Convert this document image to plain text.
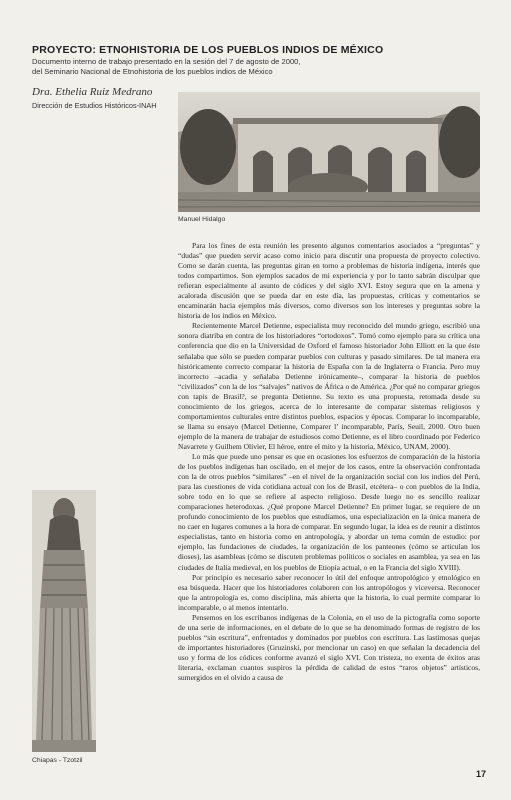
PROYECTO: ETNOHISTORIA DE LOS PUEBLOS INDIOS DE MÉXICO
Documento interno de trabajo presentado en la sesión del 7 de agosto de 2000,
del Seminario Nacional de Etnohistoria de los pueblos indios de México
Dra. Ethelia Ruiz Medrano
Dirección de Estudios Históricos-INAH
Manuel Hidalgo
Chiapas - Tzotzil

Para los fines de esta reunión les presento algunos comentarios asociados a “preguntas” y “dudas” que pueden servir acaso como inicio para discutir una propuesta de proyecto colectivo. Como se darán cuenta, las preguntas giran en torno a problemas de historia indígena, interés que todos compartimos. Son ejemplos sacados de mi experiencia y por lo tanto sabrán disculpar que refieran especialmente al asunto de códices y del siglo XVI. Estoy segura que en la amena y acalorada discusión que se pueda dar en este día, las propuestas, críticas y comentarios se encaminarán hacia ejemplos más diversos, como diversos son los intereses y preguntas sobre la historia de los indios en México.

Recientemente Marcel Detienne, especialista muy reconocido del mundo griego, escribió una sonora diatriba en contra de los historiadores “ortodoxos”. Tomó como ejemplo para su crítica una conferencia que dio en la Universidad de Oxford el famoso historiador John Elliott en la que éste señalaba que sólo se pueden comparar pueblos con culturas y pasado similares. De tal manera era históricamente correcto comparar la historia de España con la de Inglaterra o Francia. Pero muy incorrecto –acadia y señalaba Detienne irónicamente–, comparar la historia de pueblos “civilizados” con la de los “salvajes” nativos de África o de América. ¿Por qué no comparar griegos con tapis de Brasil?, se pregunta Detienne. Su texto es una propuesta, retomada desde su conocimiento de los griegos, acerca de lo interesante de comparar sistemas religiosos y comportamientos culturales entre distintos pueblos, espacios y épocas. Comparar lo incomparable, se llama su ensayo (Marcel Detienne, Comparer l’ incomparable, París, Seuil, 2000. Otro buen ejemplo de la manera de trabajar de estudiosos como Detienne, es el libro coordinado por Federico Navarrete y Guilhem Olivier, El héroe, entre el mito y la historia, México, UNAM, 2000).

Lo más que puede uno pensar es que en ocasiones los esfuerzos de comparación de la historia de los pueblos indígenas han oscilado, en el mejor de los casos, entre la observación confrontada con la de otros pueblos “similares” –en el nivel de la organización social con los indios del Perú, para las cuestiones de vida cotidiana actual con los de Brasil, etcétera– o con pueblos de la India, sobre todo en lo que se refiere al aspecto religioso. Desde luego no es sencillo realizar comparaciones heterodoxas. ¿Qué propone Marcel Detienne? En primer lugar, se requiere de un profundo conocimiento de los pueblos que estudiamos, una especialización en la única manera de no caer en lugares comunes a la hora de comparar. En segundo lugar, la idea es de reunir a distintos especialistas, tanto en historia como en antropología, y abordar un tema común de estudio: por ejemplo, las fundaciones de ciudades, la organización de los panteones (cómo se articulan los dioses), las asambleas (cómo se discuten problemas políticos o sociales en asamblea, ya sea en las ciudades de Italia medieval, en los pueblos de Etiopía actual, o en la Francia del siglo XVIII).

Por principio es necesario saber reconocer lo útil del enfoque antropológico y etnológico en esa búsqueda. Hacer que los historiadores colaboren con los antropólogos y viceversa. Reconocer que la antropología es, como disciplina, más abierta que la historia, lo cual permite comparar lo incomparable, o al menos intentarlo.

Pensemos en los escribanos indígenas de la Colonia, en el uso de la pictografía como soporte de una serie de informaciones, en el debate de lo que se ha denominado formas de registro de los pueblos “sin escritura”, enfrentados y dominados por pueblos con escritura. Las lastimosas quejas de importantes historiadores (Gruzinski, por mencionar un caso) en que señalan la decadencia del uso y forma de los códices conforme avanzó el siglo XVI. Con tristeza, no exenta de éxitos aras literaria, exclaman cuantos suspiros la pérdida de calidad de estos “raros objetos” artísticos, sumergidos en el olvido a causa de

17
